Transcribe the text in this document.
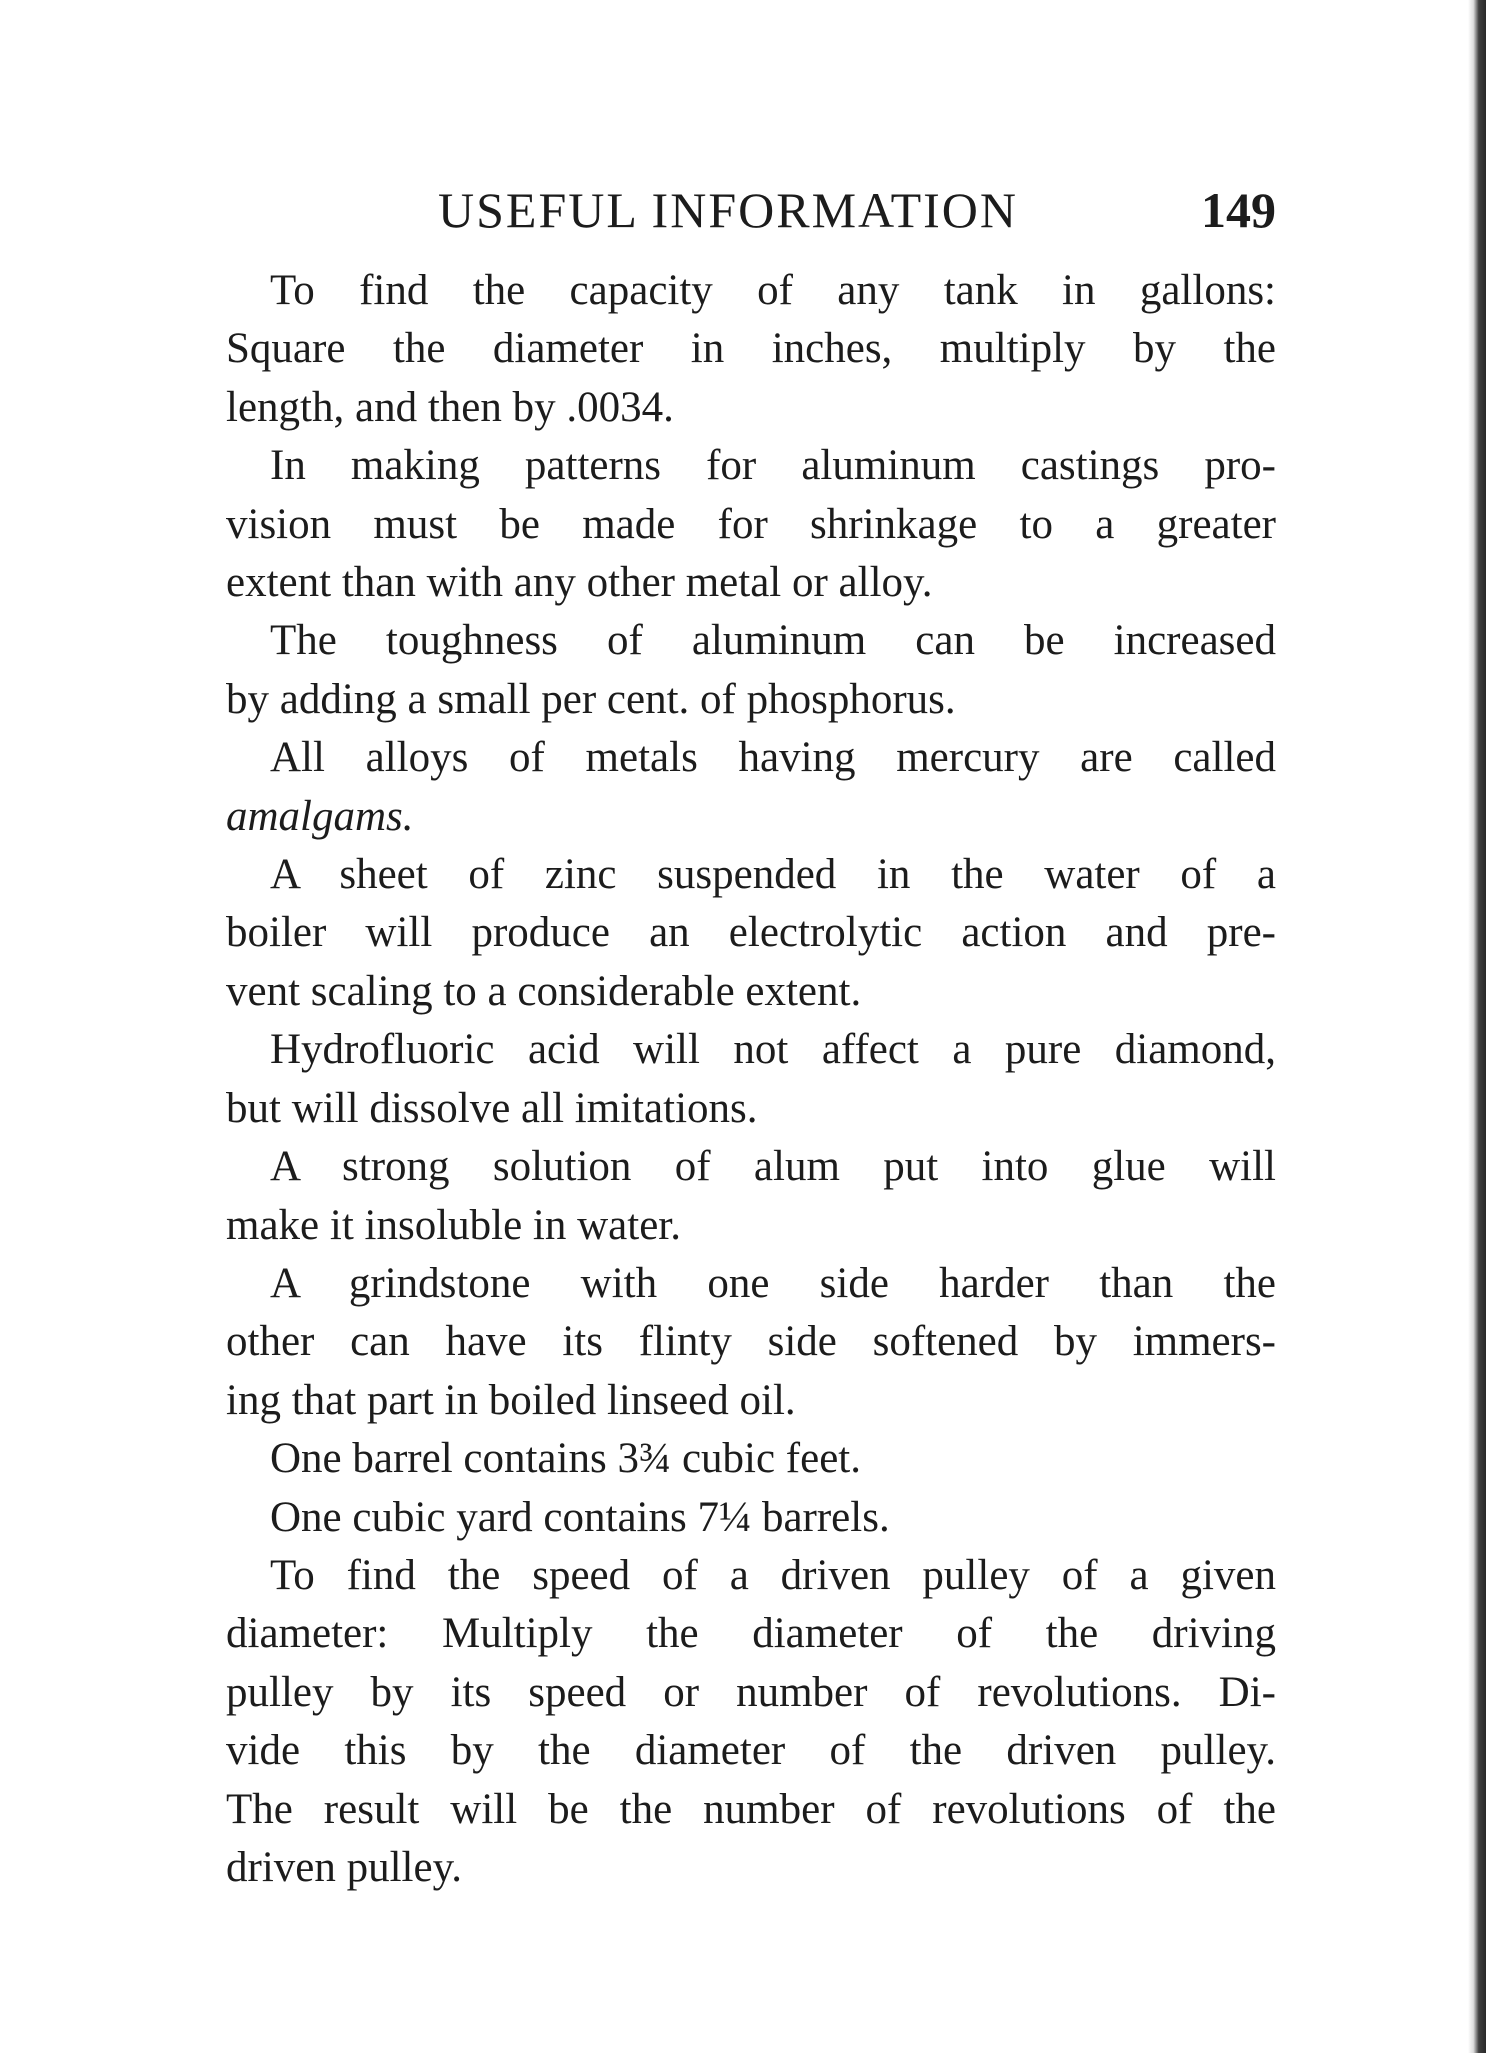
USEFUL INFORMATION	149

To find the capacity of any tank in gallons:
Square the diameter in inches, multiply by the
length, and then by .0034.

In making patterns for aluminum castings pro-
vision must be made for shrinkage to a greater
extent than with any other metal or alloy.

The toughness of aluminum can be increased
by adding a small per cent. of phosphorus.

All alloys of metals having mercury are called
amalgams.

A sheet of zinc suspended in the water of a
boiler will produce an electrolytic action and pre-
vent scaling to a considerable extent.

Hydrofluoric acid will not affect a pure diamond,
but will dissolve all imitations.

A strong solution of alum put into glue will
make it insoluble in water.

A grindstone with one side harder than the
other can have its flinty side softened by immers-
ing that part in boiled linseed oil.

One barrel contains 3¾ cubic feet.

One cubic yard contains 7¼ barrels.

To find the speed of a driven pulley of a given
diameter: Multiply the diameter of the driving
pulley by its speed or number of revolutions. Di-
vide this by the diameter of the driven pulley.
The result will be the number of revolutions of the
driven pulley.
